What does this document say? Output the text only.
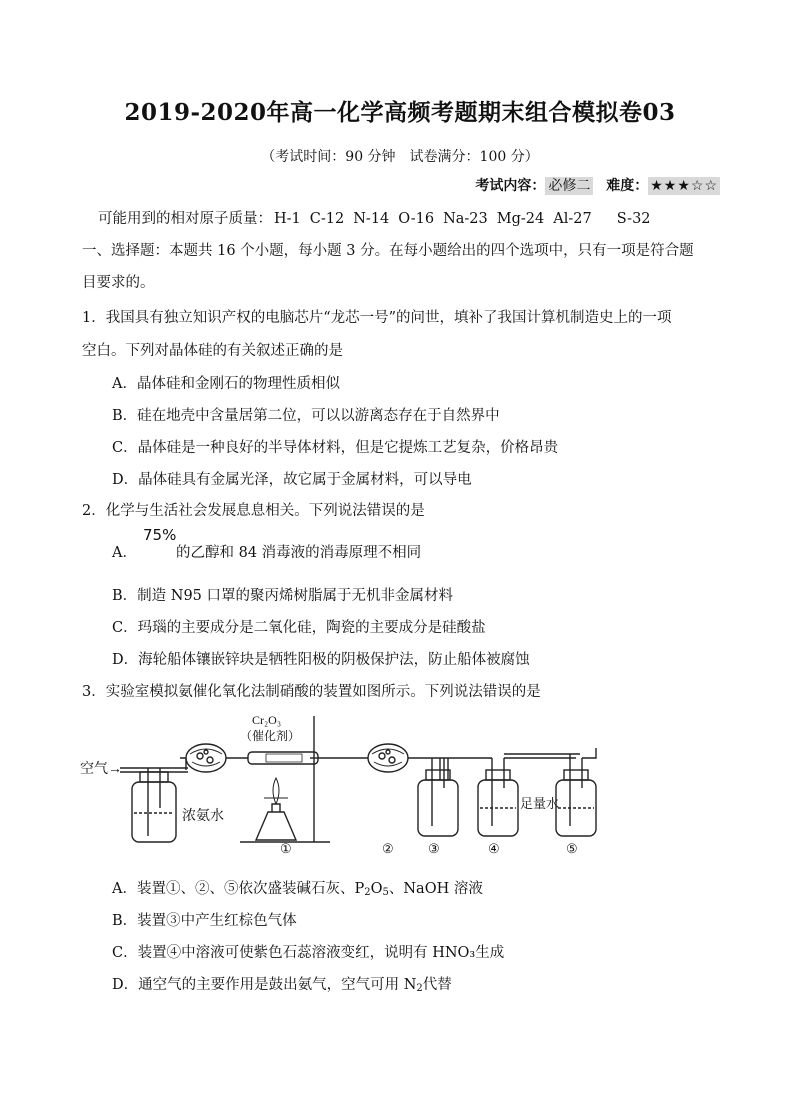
2019-2020年高一化学高频考题期末组合模拟卷03
（考试时间：90 分钟　试卷满分：100 分）
考试内容： 必修二 难度： ★★★☆☆
可能用到的相对原子质量： H-1 C-12 N-14 O-16 Na-23 Mg-24 Al-27 S-32
一、选择题：本题共 16 个小题，每小题 3 分。在每小题给出的四个选项中，只有一项是符合题
目要求的。
1．我国具有独立知识产权的电脑芯片“龙芯一号”的问世，填补了我国计算机制造史上的一项
空白。下列对晶体硅的有关叙述正确的是
A．晶体硅和金刚石的物理性质相似
B．硅在地壳中含量居第二位，可以以游离态存在于自然界中
C．晶体硅是一种良好的半导体材料，但是它提炼工艺复杂，价格昂贵
D．晶体硅具有金属光泽，故它属于金属材料，可以导电
2．化学与生活社会发展息息相关。下列说法错误的是
A．
75%
的乙醇和 84 消毒液的消毒原理不相同
B．制造 N95 口罩的聚丙烯树脂属于无机非金属材料
C．玛瑙的主要成分是二氧化硅，陶瓷的主要成分是硅酸盐
D．海轮船体镶嵌锌块是牺牲阳极的阴极保护法，防止船体被腐蚀
3．实验室模拟氨催化氧化法制硝酸的装置如图所示。下列说法错误的是
空气→
浓氨水
Cr₂O₃
（催化剂）
①	②	③
足量水
④	⑤
A．装置①、②、⑤依次盛装碱石灰、$P_2O_5$、NaOH 溶液
B．装置③中产生红棕色气体
C．装置④中溶液可使紫色石蕊溶液变红，说明有 HNO₃生成
D．通空气的主要作用是鼓出氨气，空气可用 $N_2$代替
